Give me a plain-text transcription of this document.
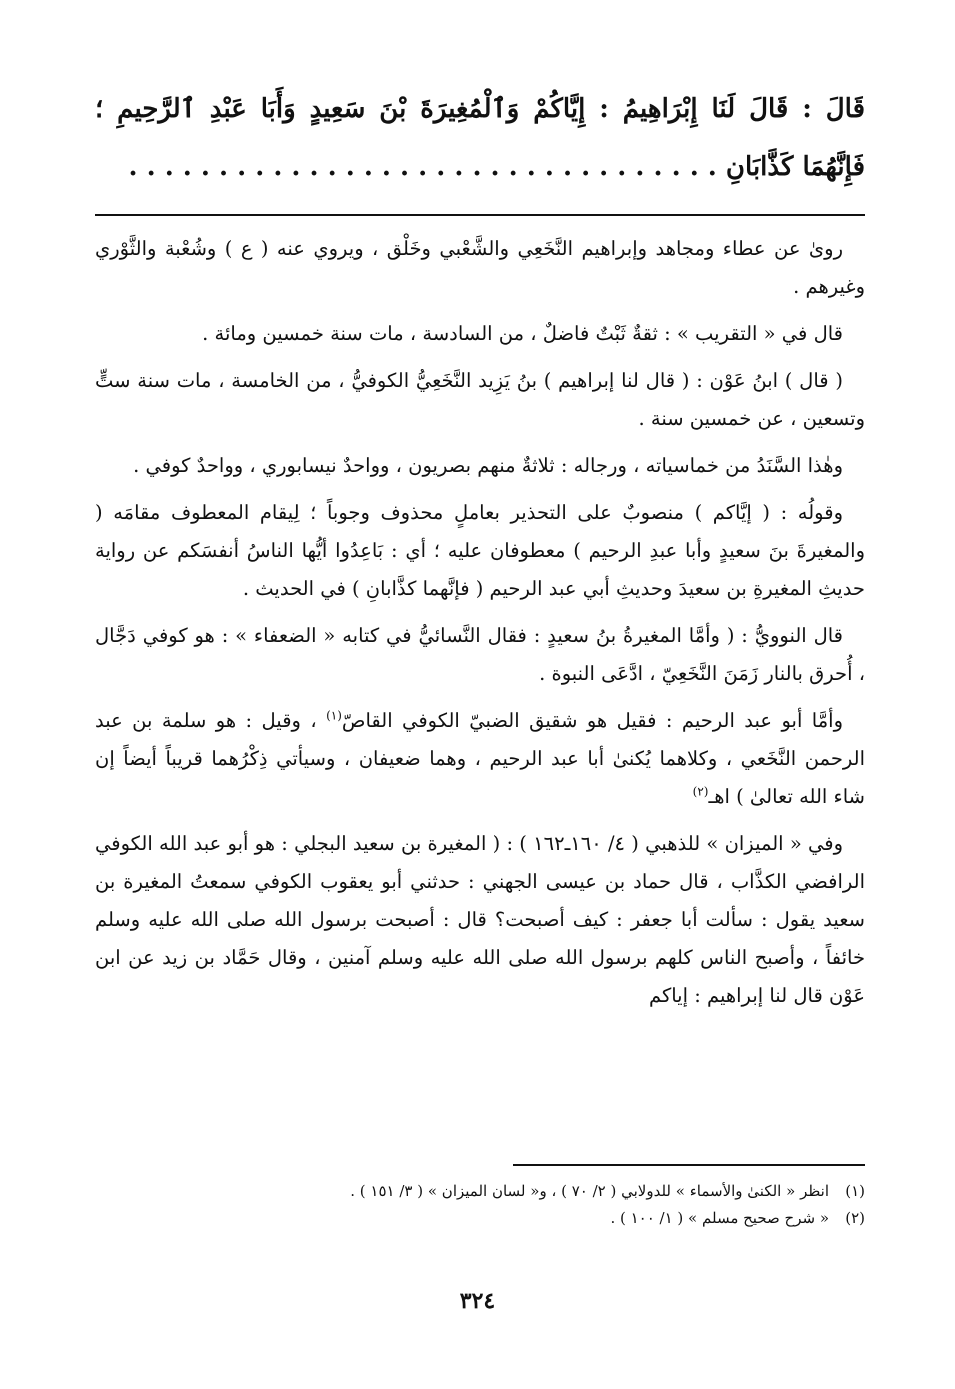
قَالَ : قَالَ لَنَا إِبْرَاهِيمُ : إِيَّاكُمْ وَٱلْمُغِيرَةَ بْنَ سَعِيدٍ وَأَبَا عَبْدِ ٱلرَّحِيمِ ؛ فَإِنَّهُمَا كَذَّابَانِ . . . . . . . . . . . . . . . . . . . . . . . . . . . . . . . . .

روىٰ عن عطاء ومجاهد وإبراهيم النَّخَعِي والشَّعْبي وخَلْق ، ويروي عنه ( ع ) وشُعْبة والثَّوْري وغيرهم .

قال في « التقريب » : ثقةٌ ثَبْتٌ فاضلٌ ، من السادسة ، مات سنة خمسين ومائة .

( قال ) ابنُ عَوْن : ( قال لنا إبراهيم ) بنُ يَزِيد النَّخَعِيُّ الكوفيُّ ، من الخامسة ، مات سنة ستٍّ وتسعين ، عن خمسين سنة .

وهٰذا السَّنَدُ من خماسياته ، ورجاله : ثلاثةٌ منهم بصريون ، وواحدٌ نيسابوري ، وواحدٌ كوفي .

وقولُه : ( إيَّاكم ) منصوبٌ على التحذير بعاملٍ محذوف وجوباً ؛ لِيقام المعطوف مقامَه ( والمغيرةَ بنَ سعيدٍ وأبا عبدِ الرحيم ) معطوفان عليه ؛ أي : بَاعِدُوا أيُّها الناسُ أنفسَكم عن رواية حديثِ المغيرةِ بن سعيدَ وحديثِ أبي عبد الرحيم ( فإنَّهما كذَّابانِ ) في الحديث .

قال النوويُّ : ( وأمَّا المغيرةُ بنُ سعيدٍ : فقال النَّسائيُّ في كتابه « الضعفاء » : هو كوفي دَجَّال ، أُحرق بالنار زَمَنَ النَّخَعِيّ ، ادَّعَى النبوة .

وأمَّا أبو عبد الرحيم : فقيل هو شقيق الضبيّ الكوفي القاصّ$^{(١)}$ ، وقيل : هو سلمة بن عبد الرحمن النَّخَعي ، وكلاهما يُكنىٰ أبا عبد الرحيم ، وهما ضعيفان ، وسيأتي ذِكْرُهما قريباً أيضاً إن شاء الله تعالىٰ ) اهـ$^{(٢)}$

وفي « الميزان » للذهبي ( ٤/ ١٦٠ـ١٦٢ ) : ( المغيرة بن سعيد البجلي : هو أبو عبد الله الكوفي الرافضي الكذَّاب ، قال حماد بن عيسى الجهني : حدثني أبو يعقوب الكوفي سمعتُ المغيرة بن سعيد يقول : سألت أبا جعفر : كيف أصبحت؟ قال : أصبحت برسول الله صلى الله عليه وسلم خائفاً ، وأصبح الناس كلهم برسول الله صلى الله عليه وسلم آمنين ، وقال حَمَّاد بن زيد عن ابن عَوْن قال لنا إبراهيم : إياكم

(١)انظر « الكنىٰ والأسماء » للدولابي ( ٢/ ٧٠ ) ، و« لسان الميزان » ( ٣/ ١٥١ ) .

(٢)« شرح صحيح مسلم » ( ١/ ١٠٠ ) .

٣٢٤
